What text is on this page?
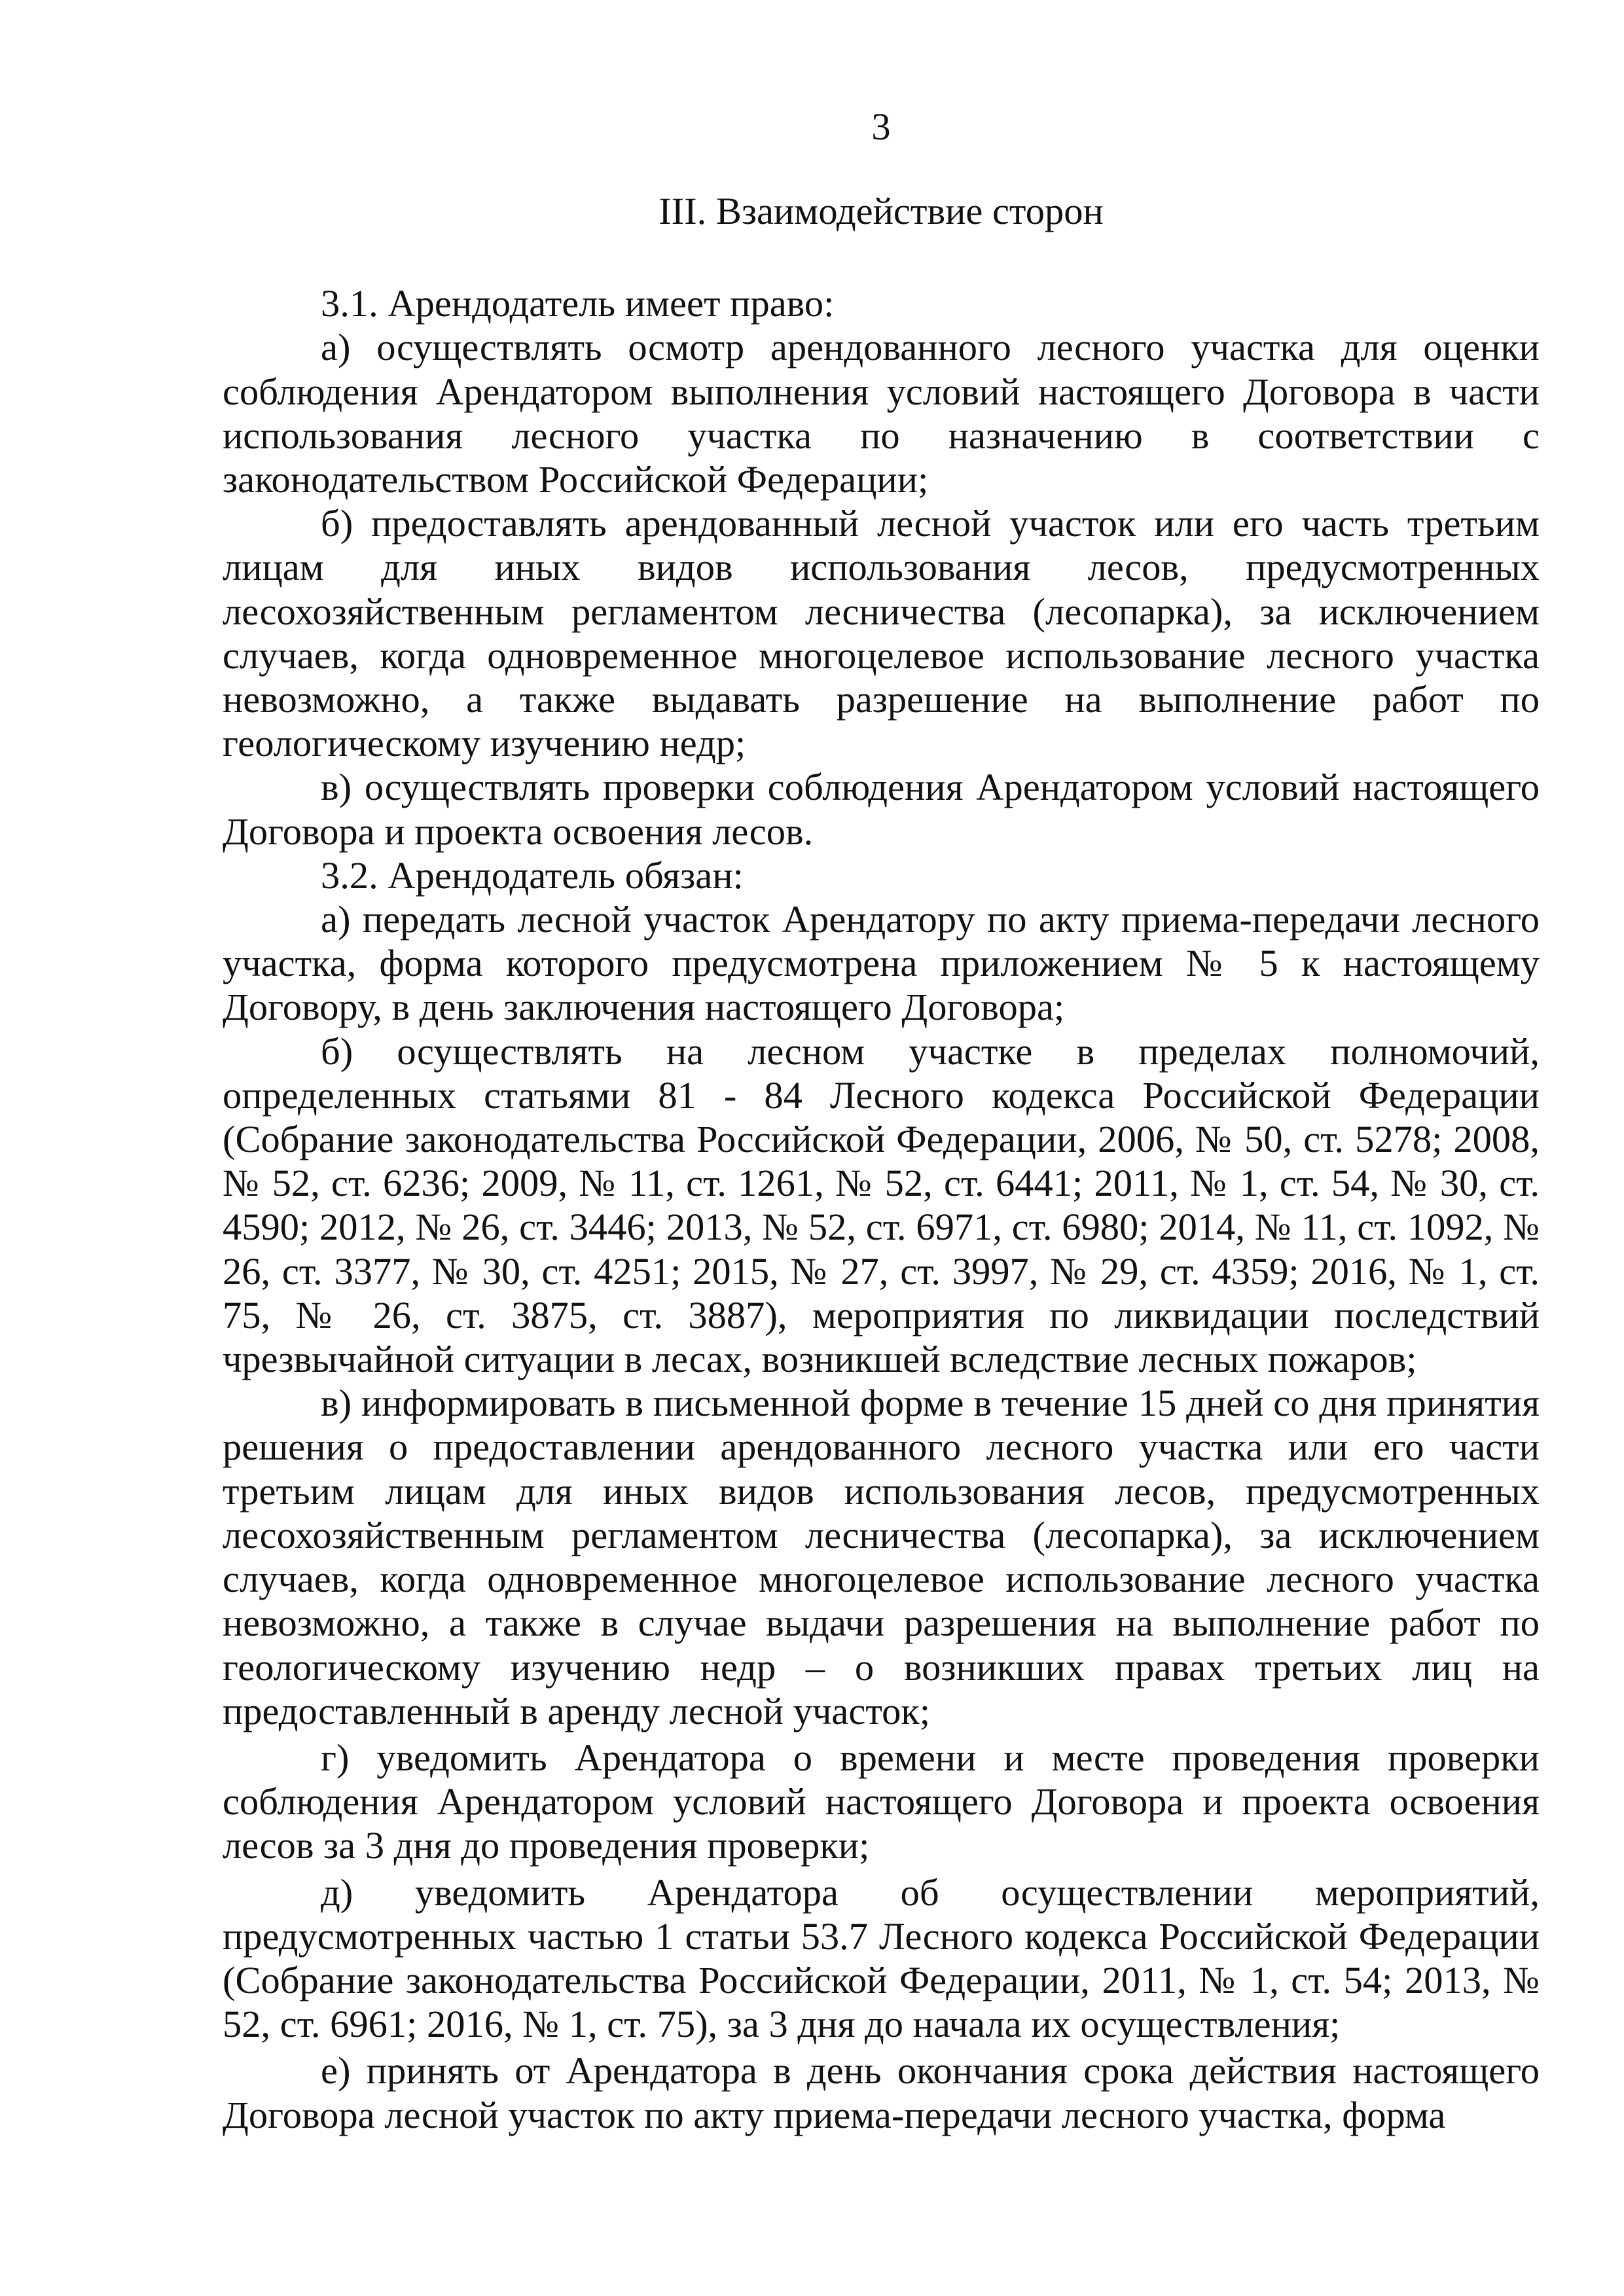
3
III. Взаимодействие сторон

3.1. Арендодатель имеет право:

а) осуществлять осмотр арендованного лесного участка для оценки соблюдения Арендатором выполнения условий настоящего Договора в части использования лесного участка по назначению в соответствии с законодательством Российской Федерации;

б) предоставлять арендованный лесной участок или его часть третьим лицам для иных видов использования лесов, предусмотренных лесохозяйственным регламентом лесничества (лесопарка), за исключением случаев, когда одновременное многоцелевое использование лесного участка невозможно, а также выдавать разрешение на выполнение работ по геологическому изучению недр;

в) осуществлять проверки соблюдения Арендатором условий настоящего Договора и проекта освоения лесов.

3.2. Арендодатель обязан:

а) передать лесной участок Арендатору по акту приема-передачи лесного участка, форма которого предусмотрена приложением № 5 к настоящему Договору, в день заключения настоящего Договора;

б) осуществлять на лесном участке в пределах полномочий, определенных статьями 81 - 84 Лесного кодекса Российской Федерации (Собрание законодательства Российской Федерации, 2006, № 50, ст. 5278; 2008, № 52, ст. 6236; 2009, № 11, ст. 1261, № 52, ст. 6441; 2011, № 1, ст. 54, № 30, ст. 4590; 2012, № 26, ст. 3446; 2013, № 52, ст. 6971, ст. 6980; 2014, № 11, ст. 1092, № 26, ст. 3377, № 30, ст. 4251; 2015, № 27, ст. 3997, № 29, ст. 4359; 2016, № 1, ст. 75, № 26, ст. 3875, ст. 3887), мероприятия по ликвидации последствий чрезвычайной ситуации в лесах, возникшей вследствие лесных пожаров;

в) информировать в письменной форме в течение 15 дней со дня принятия решения о предоставлении арендованного лесного участка или его части третьим лицам для иных видов использования лесов, предусмотренных лесохозяйственным регламентом лесничества (лесопарка), за исключением случаев, когда одновременное многоцелевое использование лесного участка невозможно, а также в случае выдачи разрешения на выполнение работ по геологическому изучению недр – о возникших правах третьих лиц на предоставленный в аренду лесной участок;

г) уведомить Арендатора о времени и месте проведения проверки соблюдения Арендатором условий настоящего Договора и проекта освоения лесов за 3 дня до проведения проверки;

д) уведомить Арендатора об осуществлении мероприятий, предусмотренных частью 1 статьи 53.7 Лесного кодекса Российской Федерации (Собрание законодательства Российской Федерации, 2011, № 1, ст. 54; 2013, № 52, ст. 6961; 2016, № 1, ст. 75), за 3 дня до начала их осуществления;

е) принять от Арендатора в день окончания срока действия настоящего Договора лесной участок по акту приема-передачи лесного участка, форма
